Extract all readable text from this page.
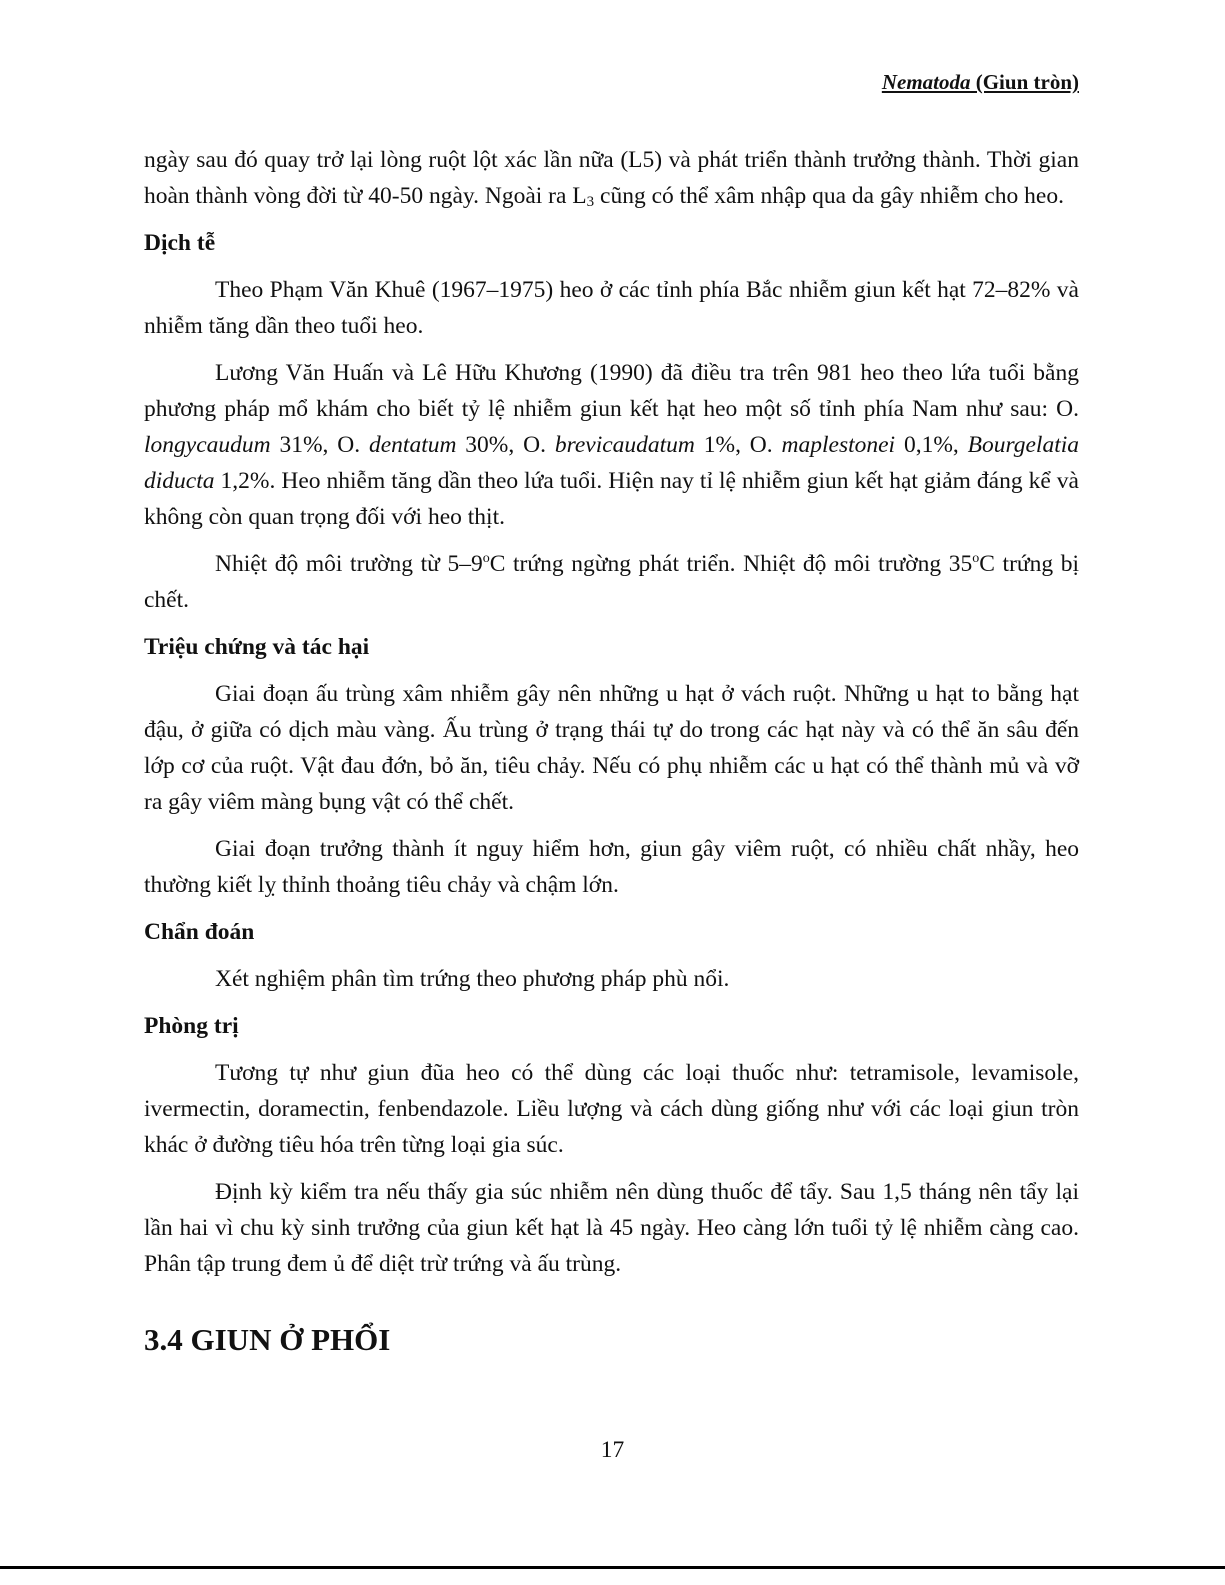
Nematoda (Giun tròn)

ngày sau đó quay trở lại lòng ruột lột xác lần nữa (L5) và phát triển thành trưởng thành. Thời gian hoàn thành vòng đời từ 40-50 ngày. Ngoài ra $L_3$ cũng có thể xâm nhập qua da gây nhiễm cho heo.

Dịch tễ

Theo Phạm Văn Khuê (1967–1975) heo ở các tỉnh phía Bắc nhiễm giun kết hạt 72–82% và nhiễm tăng dần theo tuổi heo.

Lương Văn Huấn và Lê Hữu Khương (1990) đã điều tra trên 981 heo theo lứa tuổi bằng phương pháp mổ khám cho biết tỷ lệ nhiễm giun kết hạt heo một số tỉnh phía Nam như sau: O. longycaudum 31%, O. dentatum 30%, O. brevicaudatum 1%, O. maplestonei 0,1%, Bourgelatia diducta 1,2%. Heo nhiễm tăng dần theo lứa tuổi. Hiện nay tỉ lệ nhiễm giun kết hạt giảm đáng kể và không còn quan trọng đối với heo thịt.

Nhiệt độ môi trường từ 5–9$^o$C trứng ngừng phát triển. Nhiệt độ môi trường 35$^o$C trứng bị chết.

Triệu chứng và tác hại

Giai đoạn ấu trùng xâm nhiễm gây nên những u hạt ở vách ruột. Những u hạt to bằng hạt đậu, ở giữa có dịch màu vàng. Ấu trùng ở trạng thái tự do trong các hạt này và có thể ăn sâu đến lớp cơ của ruột. Vật đau đớn, bỏ ăn, tiêu chảy. Nếu có phụ nhiễm các u hạt có thể thành mủ và vỡ ra gây viêm màng bụng vật có thể chết.

Giai đoạn trưởng thành ít nguy hiểm hơn, giun gây viêm ruột, có nhiều chất nhầy, heo thường kiết lỵ thỉnh thoảng tiêu chảy và chậm lớn.

Chẩn đoán

Xét nghiệm phân tìm trứng theo phương pháp phù nổi.

Phòng trị

Tương tự như giun đũa heo có thể dùng các loại thuốc như: tetramisole, levamisole, ivermectin, doramectin, fenbendazole. Liều lượng và cách dùng giống như với các loại giun tròn khác ở đường tiêu hóa trên từng loại gia súc.

Định kỳ kiểm tra nếu thấy gia súc nhiễm nên dùng thuốc để tẩy. Sau 1,5 tháng nên tẩy lại lần hai vì chu kỳ sinh trưởng của giun kết hạt là 45 ngày. Heo càng lớn tuổi tỷ lệ nhiễm càng cao. Phân tập trung đem ủ để diệt trừ trứng và ấu trùng.

3.4 GIUN Ở PHỔI
17
